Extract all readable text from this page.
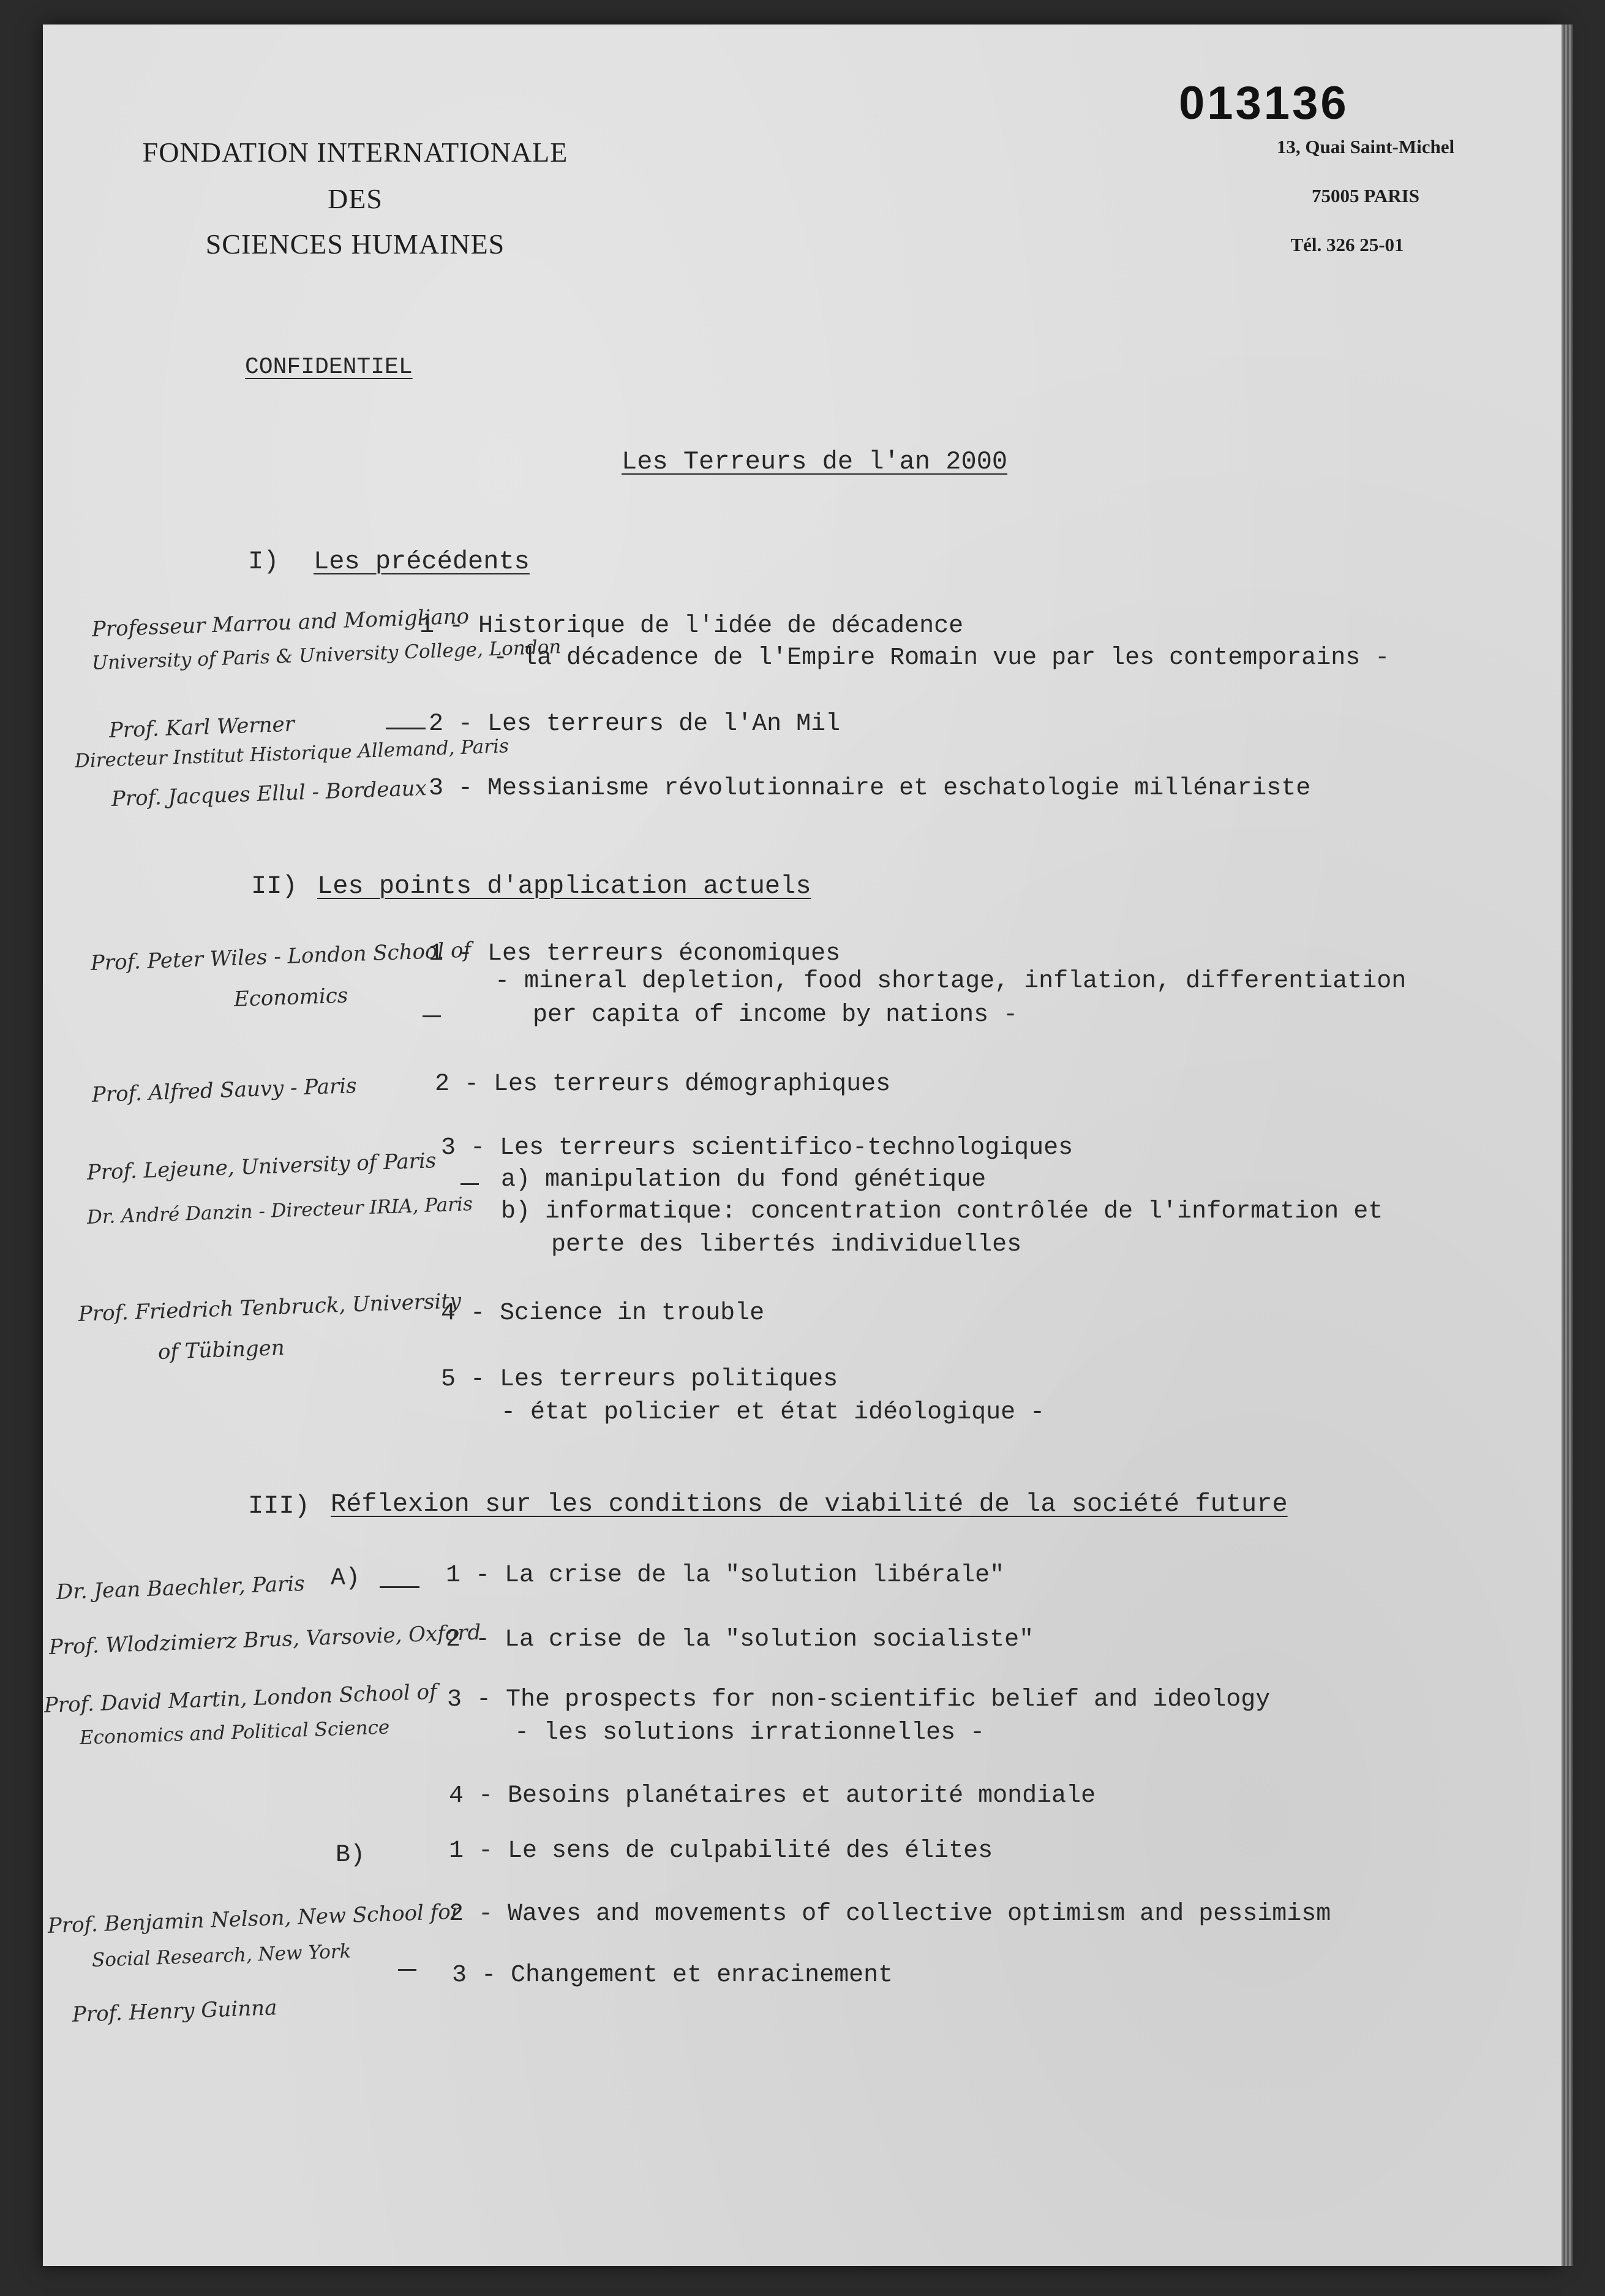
FONDATION INTERNATIONALE
DES
SCIENCES HUMAINES
013136
13, Quai Saint-Michel
75005 PARIS
Tél. 326 25-01
CONFIDENTIEL
Les Terreurs de l'an 2000
I) Les précédents
1 - Historique de l'idée de décadence
- la décadence de l'Empire Romain vue par les contemporains -
2 - Les terreurs de l'An Mil
3 - Messianisme révolutionnaire et eschatologie millénariste
II) Les points d'application actuels
1 - Les terreurs économiques
- mineral depletion, food shortage, inflation, differentiation
per capita of income by nations -
2 - Les terreurs démographiques
3 - Les terreurs scientifico-technologiques
a) manipulation du fond génétique
b) informatique: concentration contrôlée de l'information et
perte des libertés individuelles
4 - Science in trouble
5 - Les terreurs politiques
- état policier et état idéologique -
III) Réflexion sur les conditions de viabilité de la société future
A)	1 - La crise de la "solution libérale"
2 - La crise de la "solution socialiste"
3 - The prospects for non-scientific belief and ideology
- les solutions irrationnelles -
4 - Besoins planétaires et autorité mondiale
B)	1 - Le sens de culpabilité des élites
2 - Waves and movements of collective optimism and pessimism
3 - Changement et enracinement
Professeur Marrou and Momigliano
University of Paris & University College, London
Prof. Karl Werner
Directeur Institut Historique Allemand, Paris
Prof. Jacques Ellul - Bordeaux
Prof. Peter Wiles - London School of
Economics
Prof. Alfred Sauvy - Paris
Prof. Lejeune, University of Paris
Dr. André Danzin - Directeur IRIA, Paris
Prof. Friedrich Tenbruck, University
of Tübingen
Dr. Jean Baechler, Paris
Prof. Wlodzimierz Brus, Varsovie, Oxford
Prof. David Martin, London School of
Economics and Political Science
Prof. Benjamin Nelson, New School for
Social Research, New York
Prof. Henry Guinna
